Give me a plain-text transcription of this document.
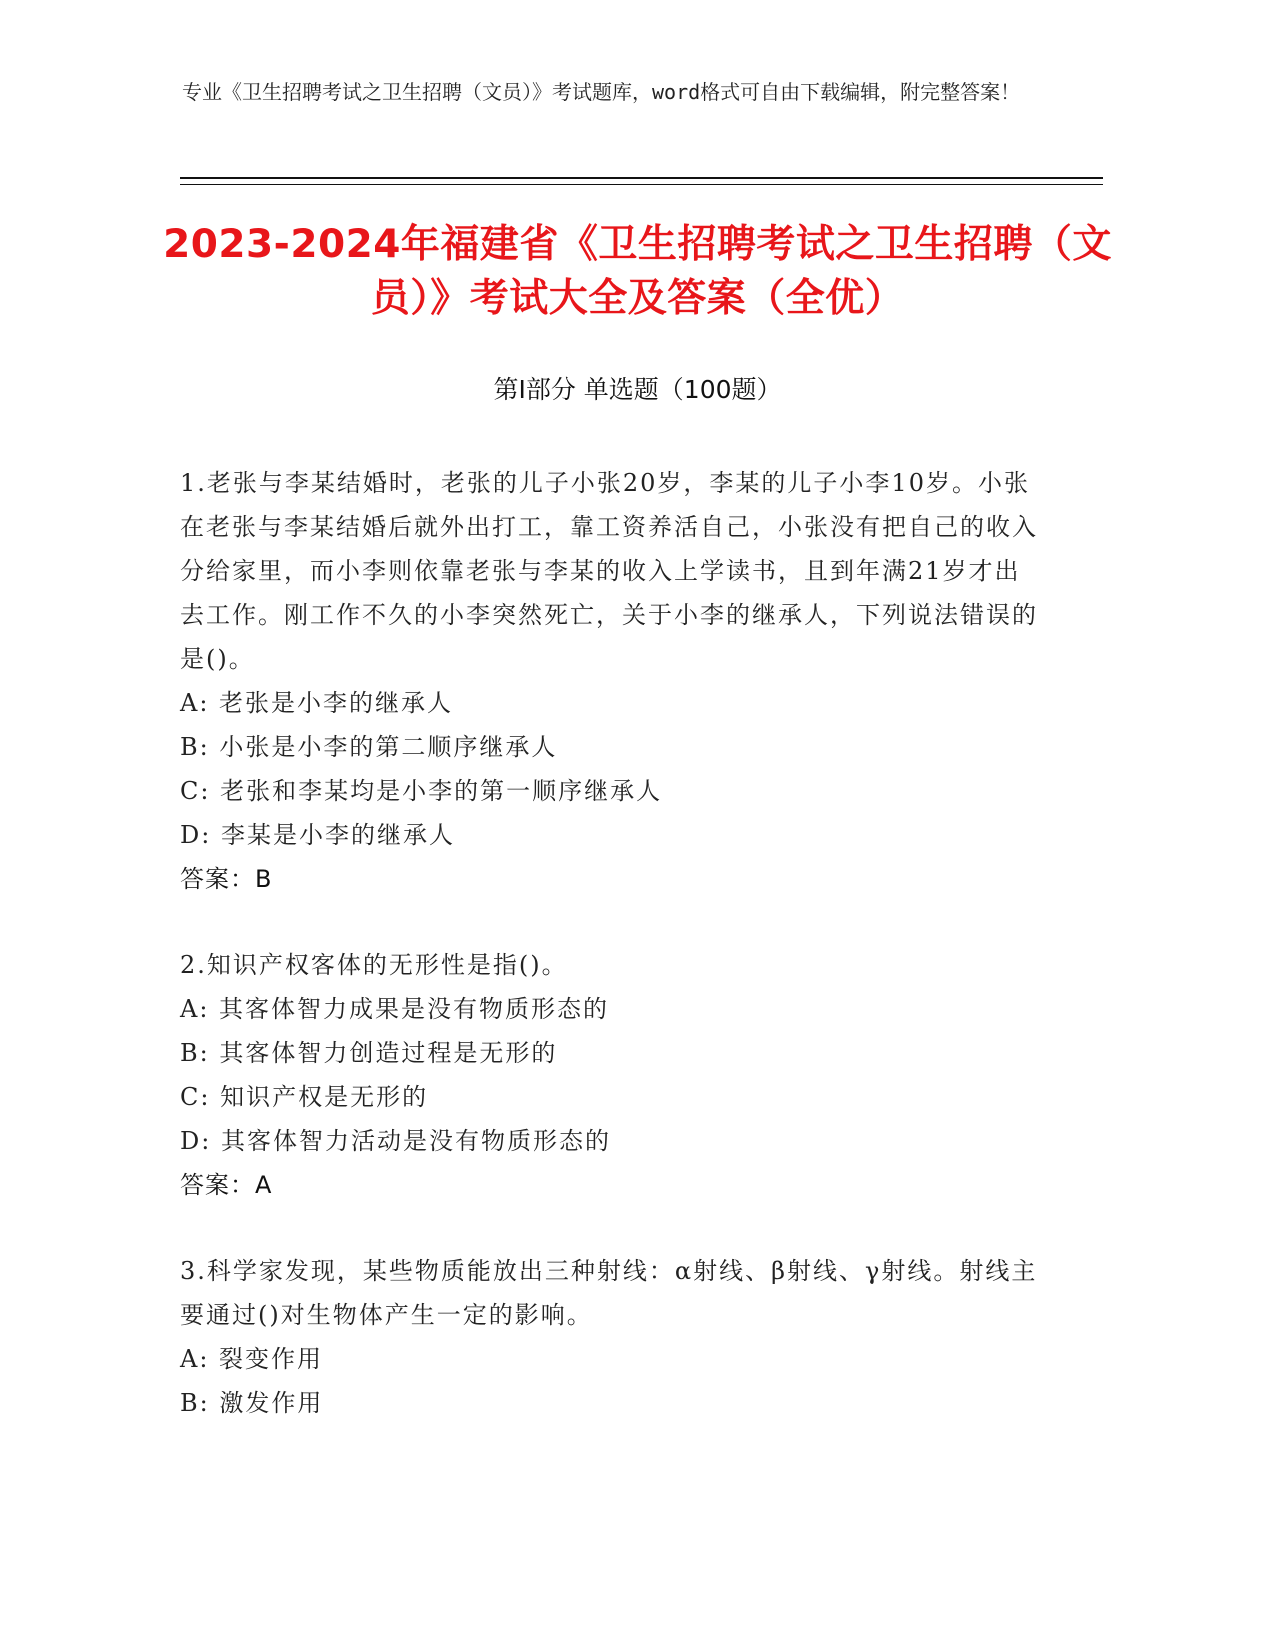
专业《卫生招聘考试之卫生招聘（文员）》考试题库，word格式可自由下载编辑，附完整答案！
2023-2024年福建省《卫生招聘考试之卫生招聘（文员）》考试大全及答案（全优）
第Ⅰ部分 单选题（100题）
1.老张与李某结婚时，老张的儿子小张20岁，李某的儿子小李10岁。小张在老张与李某结婚后就外出打工，靠工资养活自己，小张没有把自己的收入分给家里，而小李则依靠老张与李某的收入上学读书，且到年满21岁才出去工作。刚工作不久的小李突然死亡，关于小李的继承人，下列说法错误的是()。
A: 老张是小李的继承人
B: 小张是小李的第二顺序继承人
C: 老张和李某均是小李的第一顺序继承人
D: 李某是小李的继承人
答案：B
2.知识产权客体的无形性是指()。
A: 其客体智力成果是没有物质形态的
B: 其客体智力创造过程是无形的
C: 知识产权是无形的
D: 其客体智力活动是没有物质形态的
答案：A
3.科学家发现，某些物质能放出三种射线：α射线、β射线、γ射线。射线主要通过()对生物体产生一定的影响。
A: 裂变作用
B: 激发作用
